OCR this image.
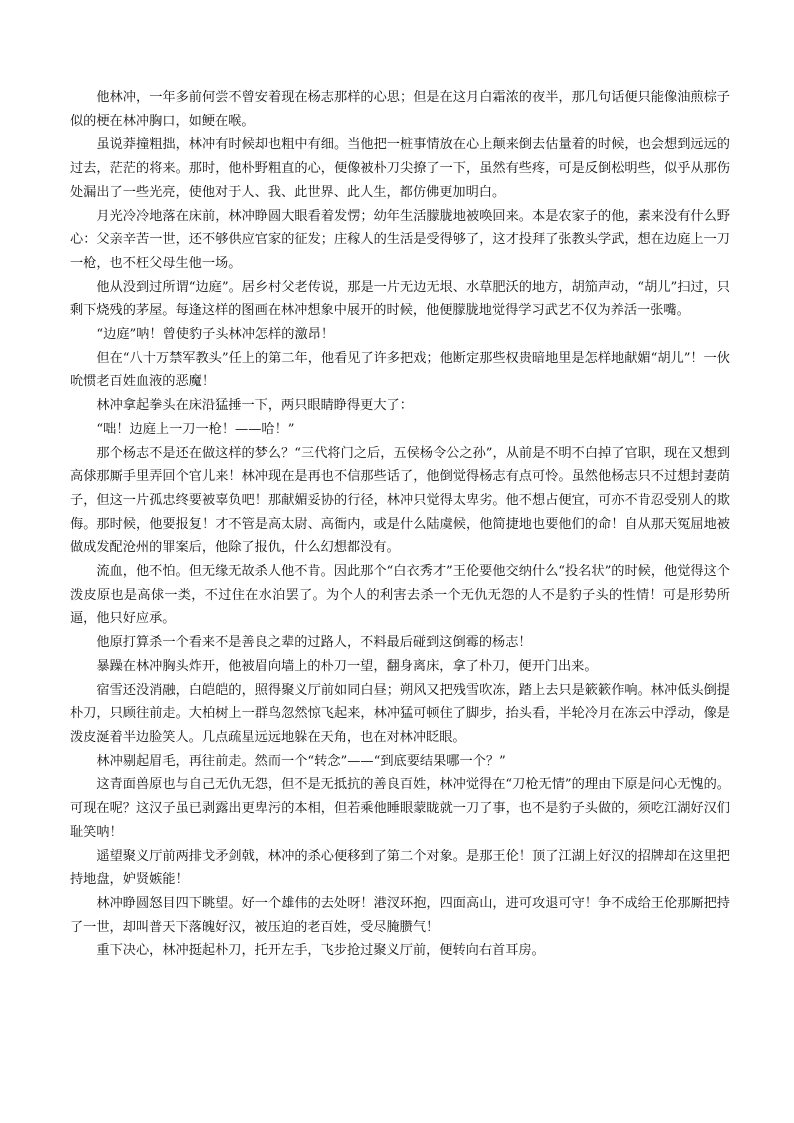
他林冲，一年多前何尝不曾安着现在杨志那样的心思；但是在这月白霜浓的夜半，那几句话便只能像油煎棕子似的梗在林冲胸口，如鲠在喉。

虽说莽撞粗拙，林冲有时候却也粗中有细。当他把一桩事情放在心上颠来倒去估量着的时候，也会想到远远的过去，茫茫的将来。那时，他朴野粗直的心，便像被朴刀尖撩了一下，虽然有些疼，可是反倒松明些，似乎从那伤处漏出了一些光亮，使他对于人、我、此世界、此人生，都仿佛更加明白。

月光冷冷地落在床前，林冲睁圆大眼看着发愣；幼年生活朦胧地被唤回来。本是农家子的他，素来没有什么野心：父亲辛苦一世，还不够供应官家的征发；庄稼人的生活是受得够了，这才投拜了张教头学武，想在边庭上一刀一枪，也不枉父母生他一场。

他从没到过所谓“边庭”。居乡村父老传说，那是一片无边无垠、水草肥沃的地方，胡笳声动，“胡儿”扫过，只剩下烧残的茅屋。每逢这样的图画在林冲想象中展开的时候，他便朦胧地觉得学习武艺不仅为养活一张嘴。

“边庭”呐！曾使豹子头林冲怎样的激昂！

但在“八十万禁军教头”任上的第二年，他看见了许多把戏；他断定那些权贵暗地里是怎样地献媚“胡儿”！一伙吮惯老百姓血液的恶魔！

林冲拿起拳头在床沿猛捶一下，两只眼睛睁得更大了：

“咄！边庭上一刀一枪！——哈！”

那个杨志不是还在做这样的梦么？“三代将门之后，五侯杨令公之孙”，从前是不明不白掉了官职，现在又想到高俅那厮手里弄回个官儿来！林冲现在是再也不信那些话了，他倒觉得杨志有点可怜。虽然他杨志只不过想封妻荫子，但这一片孤忠终要被辜负吧！那献媚妥协的行径，林冲只觉得太卑劣。他不想占便宜，可亦不肯忍受别人的欺侮。那时候，他要报复！才不管是高太尉、高衙内，或是什么陆虞候，他简捷地也要他们的命！自从那天冤屈地被做成发配沧州的罪案后，他除了报仇，什么幻想都没有。

流血，他不怕。但无缘无故杀人他不肯。因此那个“白衣秀才”王伦要他交纳什么“投名状”的时候，他觉得这个泼皮原也是高俅一类，不过住在水泊罢了。为个人的利害去杀一个无仇无怨的人不是豹子头的性情！可是形势所逼，他只好应承。

他原打算杀一个看来不是善良之辈的过路人，不料最后碰到这倒霉的杨志！

暴躁在林冲胸头炸开，他被眉向墙上的朴刀一望，翻身离床，拿了朴刀，便开门出来。

宿雪还没消融，白皑皑的，照得聚义厅前如同白昼；朔风又把残雪吹冻，踏上去只是簌簌作响。林冲低头倒提朴刀，只顾往前走。大柏树上一群鸟忽然惊飞起来，林冲猛可顿住了脚步，抬头看，半轮冷月在冻云中浮动，像是泼皮涎着半边脸笑人。几点疏星远远地躲在天角，也在对林冲眨眼。

林冲剔起眉毛，再往前走。然而一个“转念”——“到底要结果哪一个？”

这青面兽原也与自己无仇无怨，但不是无抵抗的善良百姓，林冲觉得在“刀枪无情”的理由下原是问心无愧的。可现在呢？这汉子虽已剥露出更卑污的本相，但若乘他睡眼蒙眬就一刀了事，也不是豹子头做的，须吃江湖好汉们耻笑呐！

遥望聚义厅前两排戈矛剑戟，林冲的杀心便移到了第二个对象。是那王伦！顶了江湖上好汉的招牌却在这里把持地盘，妒贤嫉能！

林冲睁圆怒目四下眺望。好一个雄伟的去处呀！港汊环抱，四面高山，进可攻退可守！争不成给王伦那厮把持了一世，却叫普天下落魄好汉，被压迫的老百姓，受尽腌臜气！

重下决心，林冲挺起朴刀，托开左手，飞步抢过聚义厅前，便转向右首耳房。
